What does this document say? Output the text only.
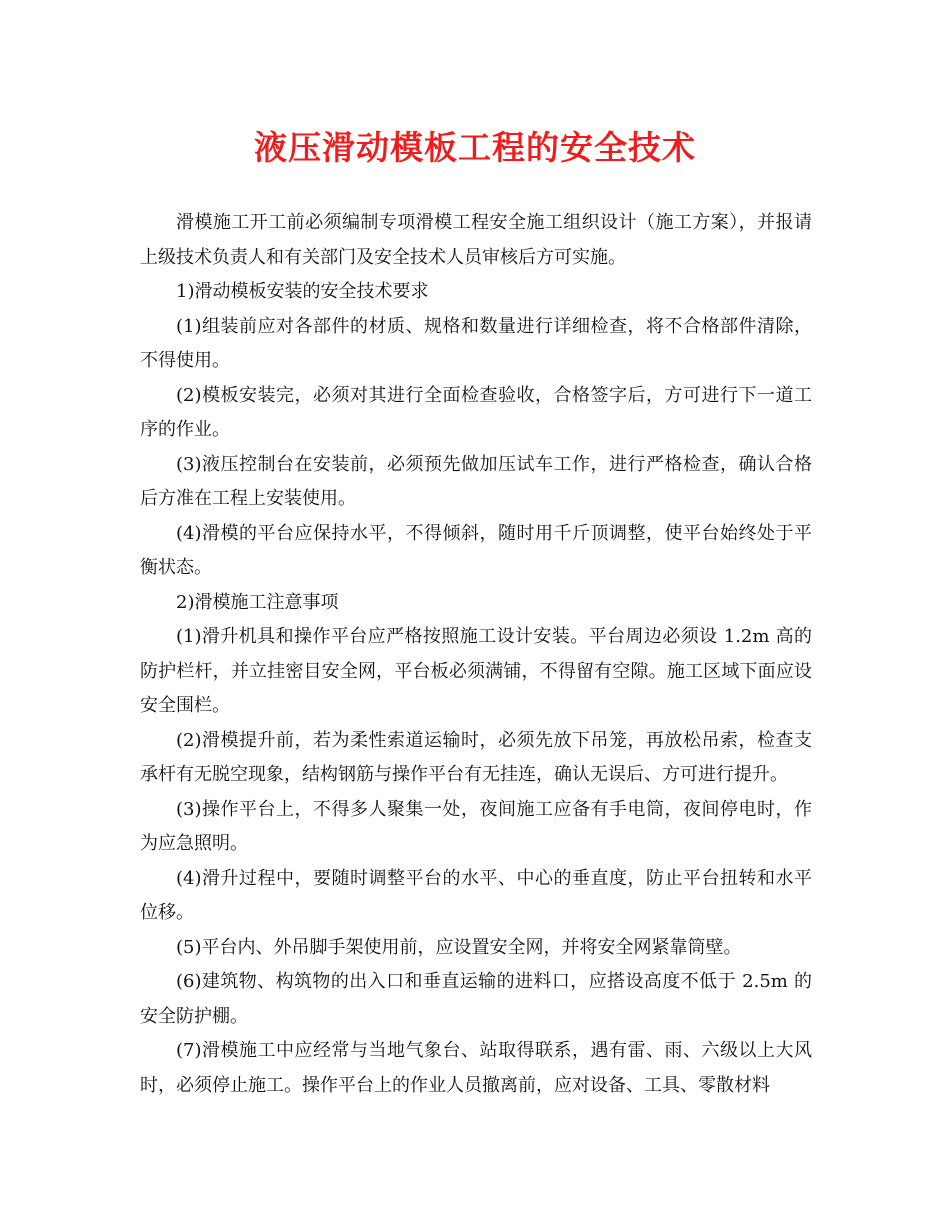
液压滑动模板工程的安全技术

滑模施工开工前必须编制专项滑模工程安全施工组织设计（施工方案），并报请上级技术负责人和有关部门及安全技术人员审核后方可实施。

1)滑动模板安装的安全技术要求

(1)组装前应对各部件的材质、规格和数量进行详细检查，将不合格部件清除，不得使用。

(2)模板安装完，必须对其进行全面检查验收，合格签字后，方可进行下一道工序的作业。

(3)液压控制台在安装前，必须预先做加压试车工作，进行严格检查，确认合格后方准在工程上安装使用。

(4)滑模的平台应保持水平，不得倾斜，随时用千斤顶调整，使平台始终处于平衡状态。

2)滑模施工注意事项

(1)滑升机具和操作平台应严格按照施工设计安装。平台周边必须设 1.2m 高的防护栏杆，并立挂密目安全网，平台板必须满铺，不得留有空隙。施工区域下面应设安全围栏。

(2)滑模提升前，若为柔性索道运输时，必须先放下吊笼，再放松吊索，检查支承杆有无脱空现象，结构钢筋与操作平台有无挂连，确认无误后、方可进行提升。

(3)操作平台上，不得多人聚集一处，夜间施工应备有手电筒，夜间停电时，作为应急照明。

(4)滑升过程中，要随时调整平台的水平、中心的垂直度，防止平台扭转和水平位移。

(5)平台内、外吊脚手架使用前，应设置安全网，并将安全网紧靠筒壁。

(6)建筑物、构筑物的出入口和垂直运输的进料口，应搭设高度不低于 2.5m 的安全防护棚。

(7)滑模施工中应经常与当地气象台、站取得联系，遇有雷、雨、六级以上大风时，必须停止施工。操作平台上的作业人员撤离前，应对设备、工具、零散材料
